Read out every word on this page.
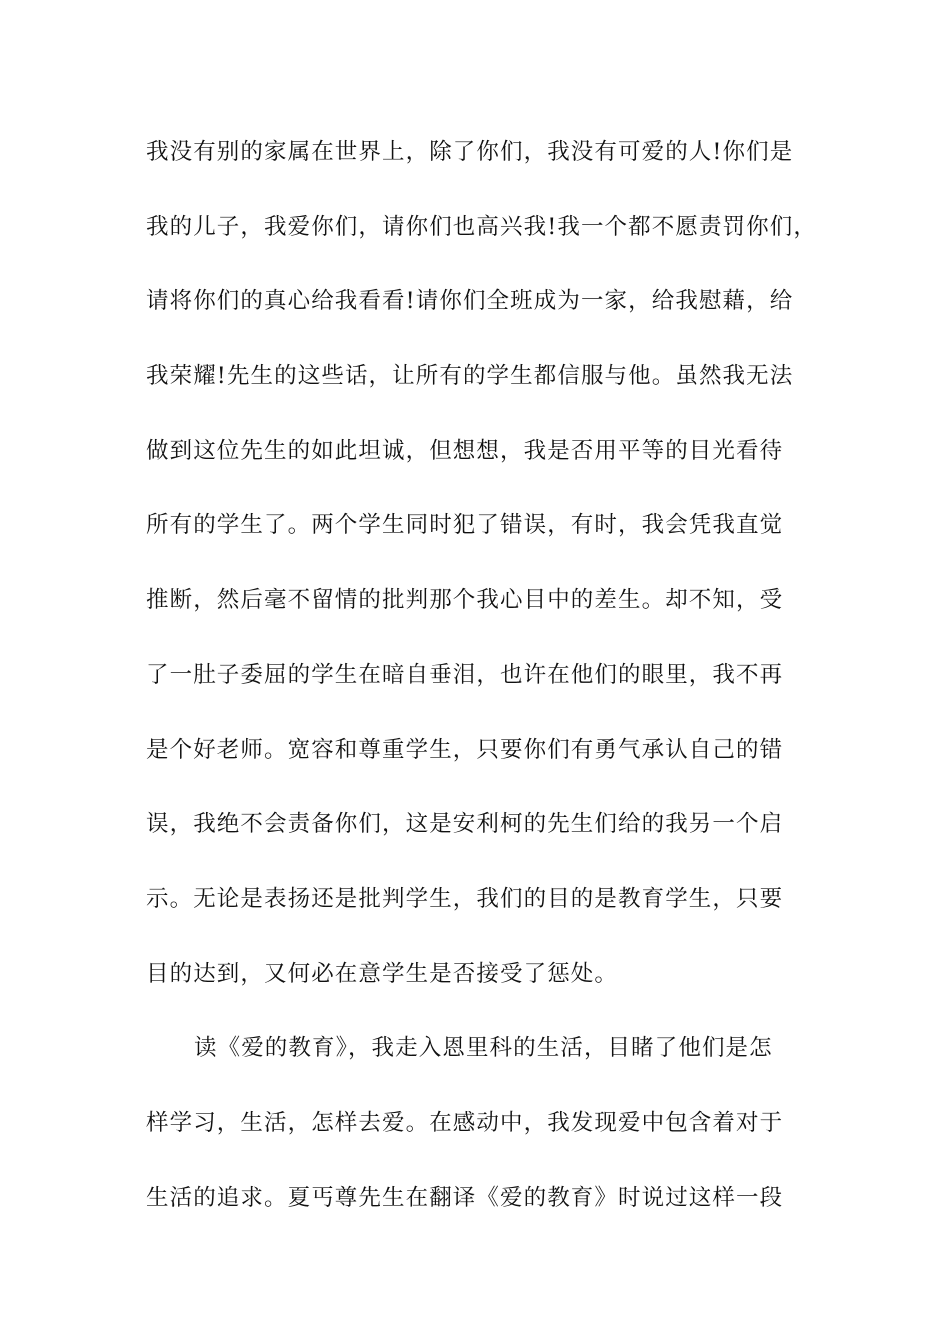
我没有别的家属在世界上，除了你们，我没有可爱的人!你们是
我的儿子，我爱你们，请你们也高兴我!我一个都不愿责罚你们，
请将你们的真心给我看看!请你们全班成为一家，给我慰藉，给
我荣耀!先生的这些话，让所有的学生都信服与他。虽然我无法
做到这位先生的如此坦诚，但想想，我是否用平等的目光看待
所有的学生了。两个学生同时犯了错误，有时，我会凭我直觉
推断，然后毫不留情的批判那个我心目中的差生。却不知，受
了一肚子委屈的学生在暗自垂泪，也许在他们的眼里，我不再
是个好老师。宽容和尊重学生，只要你们有勇气承认自己的错
误，我绝不会责备你们，这是安利柯的先生们给的我另一个启
示。无论是表扬还是批判学生，我们的目的是教育学生，只要
目的达到，又何必在意学生是否接受了惩处。
读《爱的教育》，我走入恩里科的生活，目睹了他们是怎
样学习，生活，怎样去爱。在感动中，我发现爱中包含着对于
生活的追求。夏丐尊先生在翻译《爱的教育》时说过这样一段
